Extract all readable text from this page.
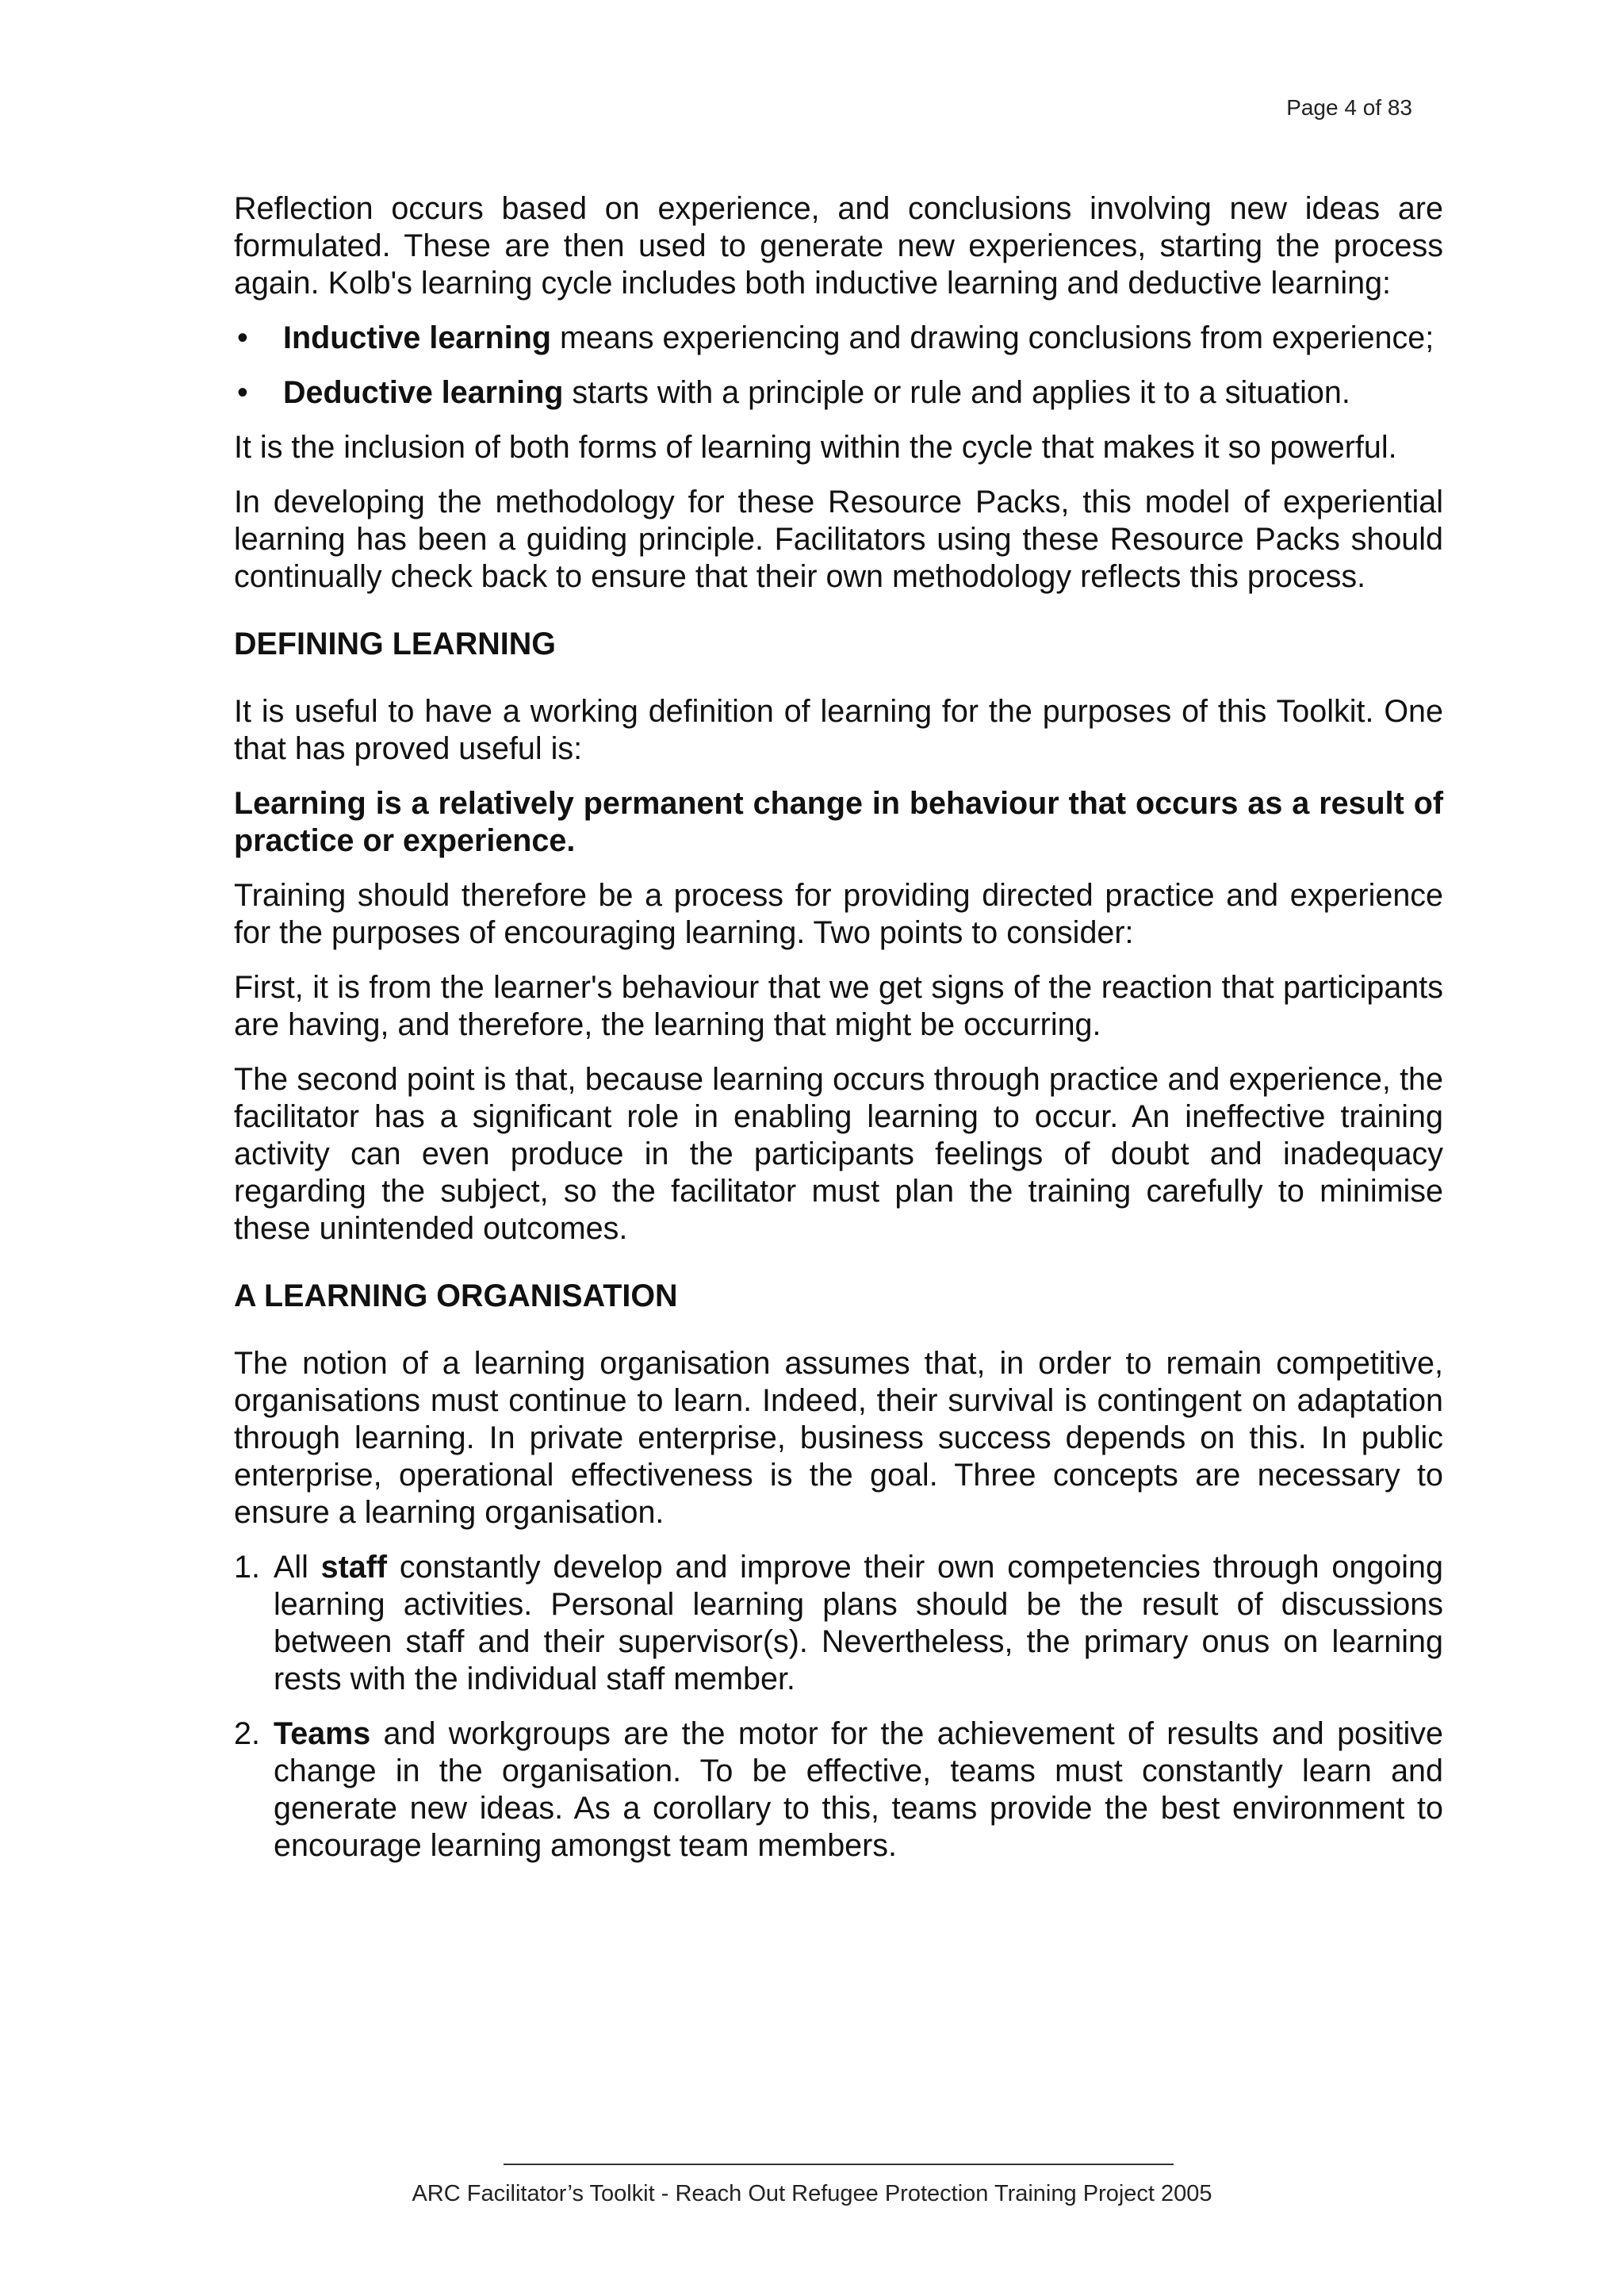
Page 4 of 83

Reflection occurs based on experience, and conclusions involving new ideas are formulated. These are then used to generate new experiences, starting the process again. Kolb's learning cycle includes both inductive learning and deductive learning:

• Inductive learning means experiencing and drawing conclusions from experience;
• Deductive learning starts with a principle or rule and applies it to a situation.

It is the inclusion of both forms of learning within the cycle that makes it so powerful.

In developing the methodology for these Resource Packs, this model of experiential learning has been a guiding principle. Facilitators using these Resource Packs should continually check back to ensure that their own methodology reflects this process.

DEFINING LEARNING

It is useful to have a working definition of learning for the purposes of this Toolkit. One that has proved useful is:

Learning is a relatively permanent change in behaviour that occurs as a result of practice or experience.

Training should therefore be a process for providing directed practice and experience for the purposes of encouraging learning. Two points to consider:

First, it is from the learner's behaviour that we get signs of the reaction that participants are having, and therefore, the learning that might be occurring.

The second point is that, because learning occurs through practice and experience, the facilitator has a significant role in enabling learning to occur. An ineffective training activity can even produce in the participants feelings of doubt and inadequacy regarding the subject, so the facilitator must plan the training carefully to minimise these unintended outcomes.

A LEARNING ORGANISATION

The notion of a learning organisation assumes that, in order to remain competitive, organisations must continue to learn. Indeed, their survival is contingent on adaptation through learning. In private enterprise, business success depends on this. In public enterprise, operational effectiveness is the goal. Three concepts are necessary to ensure a learning organisation.

1. All staff constantly develop and improve their own competencies through ongoing learning activities. Personal learning plans should be the result of discussions between staff and their supervisor(s). Nevertheless, the primary onus on learning rests with the individual staff member.
2. Teams and workgroups are the motor for the achievement of results and positive change in the organisation. To be effective, teams must constantly learn and generate new ideas. As a corollary to this, teams provide the best environment to encourage learning amongst team members.
ARC Facilitator’s Toolkit - Reach Out Refugee Protection Training Project 2005
